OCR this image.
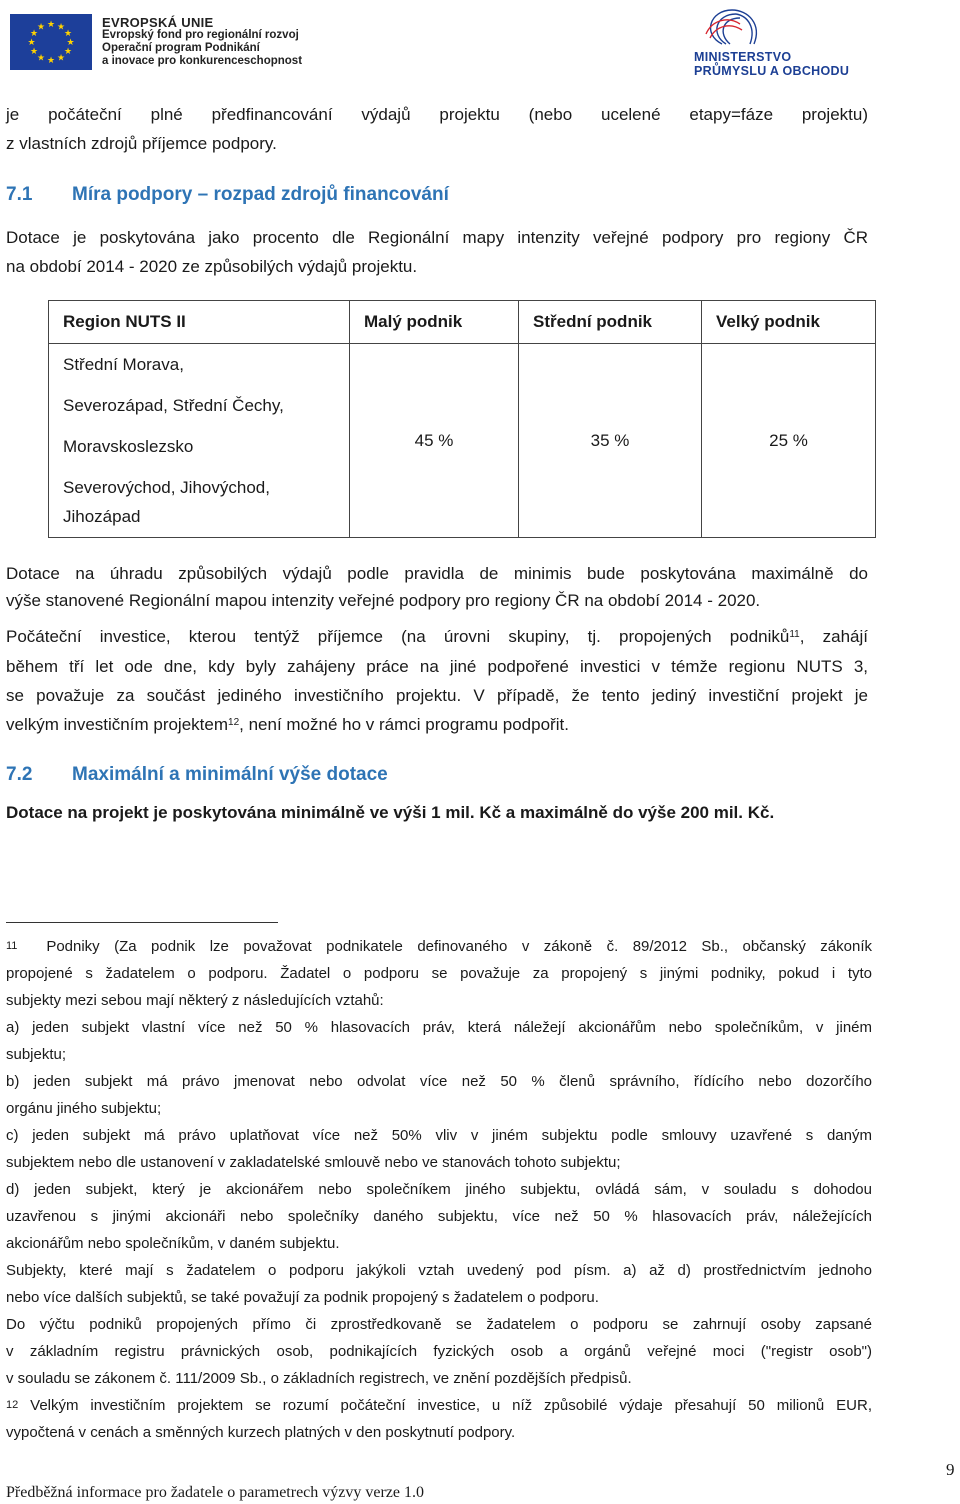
★ ★
★
★
★
★
★
★
★
★
★
★	EVROPSKÁ UNIE
Evropský fond pro regionální rozvoj
Operační program Podnikání
a inovace pro konkurenceschopnost	MINISTERSTVO
PRŮMYSLU A OBCHODU
je počáteční plné předfinancování výdajů projektu (nebo ucelené etapy=fáze projektu)
z vlastních zdrojů příjemce podpory.
7.1 Míra podpory – rozpad zdrojů financování
Dotace je poskytována jako procento dle Regionální mapy intenzity veřejné podpory pro regiony ČR
na období 2014 - 2020 ze způsobilých výdajů projektu.
Region NUTS II	Malý podnik	Střední podnik	Velký podnik

Střední Morava,
Severozápad, Střední Čechy,
Moravskoslezsko
Severovýchod, Jihovýchod,
Jihozápad	45 %	35 %	25 %
Dotace na úhradu způsobilých výdajů podle pravidla de minimis bude poskytována maximálně do
výše stanovené Regionální mapou intenzity veřejné podpory pro regiony ČR na období 2014 - 2020.
Počáteční investice, kterou tentýž příjemce (na úrovni skupiny, tj. propojených podniků$^{11}$, zahájí
během tří let ode dne, kdy byly zahájeny práce na jiné podpořené investici v témže regionu NUTS 3,
se považuje za součást jediného investičního projektu. V případě, že tento jediný investiční projekt je
velkým investičním projektem$^{12}$, není možné ho v rámci programu podpořit.
7.2 Maximální a minimální výše dotace
Dotace na projekt je poskytována minimálně ve výši 1 mil. Kč a maximálně do výše 200 mil. Kč.
$^{11}$ Podniky (Za podnik lze považovat podnikatele definovaného v zákoně č. 89/2012 Sb., občanský zákoník
propojené s žadatelem o podporu. Žadatel o podporu se považuje za propojený s jinými podniky, pokud i tyto
subjekty mezi sebou mají některý z následujících vztahů:
a) jeden subjekt vlastní více než 50 % hlasovacích práv, která náležejí akcionářům nebo společníkům, v jiném
subjektu;
b) jeden subjekt má právo jmenovat nebo odvolat více než 50 % členů správního, řídícího nebo dozorčího
orgánu jiného subjektu;
c) jeden subjekt má právo uplatňovat více než 50% vliv v jiném subjektu podle smlouvy uzavřené s daným
subjektem nebo dle ustanovení v zakladatelské smlouvě nebo ve stanovách tohoto subjektu;
d) jeden subjekt, který je akcionářem nebo společníkem jiného subjektu, ovládá sám, v souladu s dohodou
uzavřenou s jinými akcionáři nebo společníky daného subjektu, více než 50 % hlasovacích práv, náležejících
akcionářům nebo společníkům, v daném subjektu.
Subjekty, které mají s žadatelem o podporu jakýkoli vztah uvedený pod písm. a) až d) prostřednictvím jednoho
nebo více dalších subjektů, se také považují za podnik propojený s žadatelem o podporu.
Do výčtu podniků propojených přímo či zprostředkovaně se žadatelem o podporu se zahrnují osoby zapsané
v základním registru právnických osob, podnikajících fyzických osob a orgánů veřejné moci ("registr osob")
v souladu se zákonem č. 111/2009 Sb., o základních registrech, ve znění pozdějších předpisů.
$^{12}$ Velkým investičním projektem se rozumí počáteční investice, u níž způsobilé výdaje přesahují 50 milionů EUR,
vypočtená v cenách a směnných kurzech platných v den poskytnutí podpory.
Předběžná informace pro žadatele o parametrech výzvy verze 1.0
9
